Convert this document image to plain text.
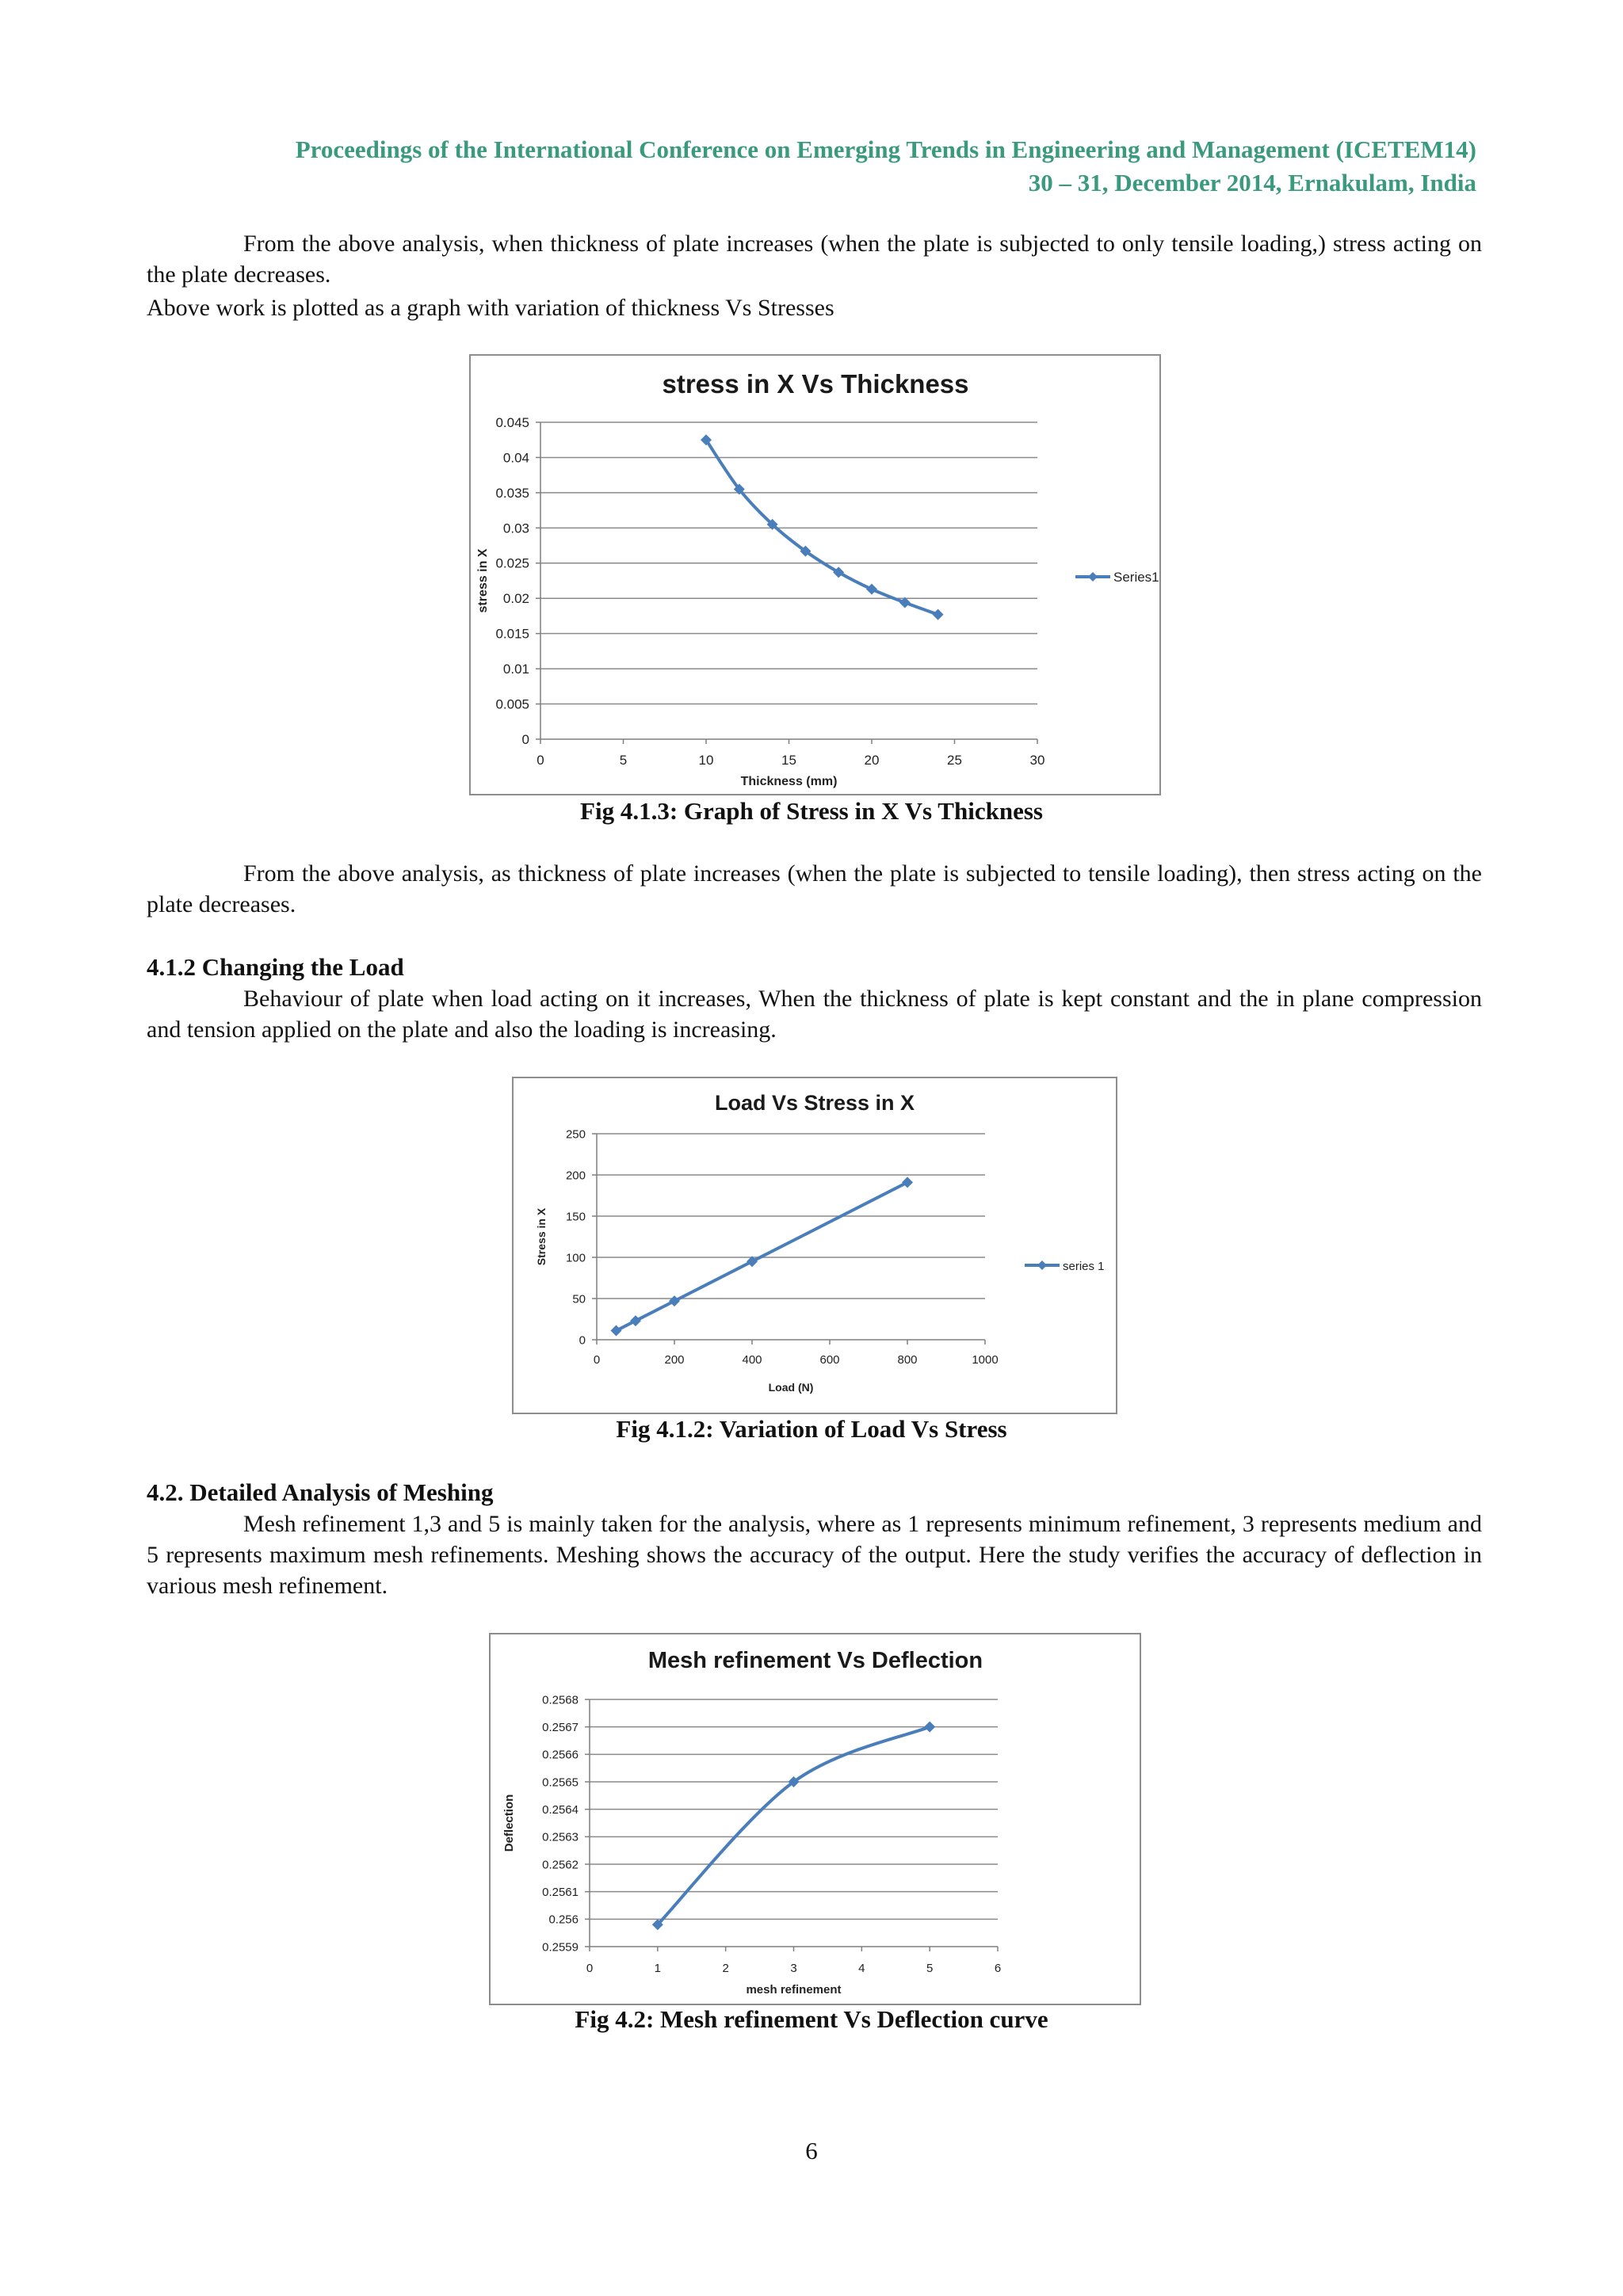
Proceedings of the International Conference on Emerging Trends in Engineering and Management (ICETEM14)
30 – 31, December 2014, Ernakulam, India
From the above analysis, when thickness of plate increases (when the plate is subjected to only tensile loading,) stress acting on the plate decreases.
Above work is plotted as a graph with variation of thickness Vs Stresses
stress in X Vs Thickness
0
0.005
0.01
0.015
0.02
0.025
0.03
0.035
0.04
0.045
0	5	10	15	20	25	30
Thickness (mm)
stress in X	Series1
Fig 4.1.3: Graph of Stress in X Vs Thickness
From the above analysis, as thickness of plate increases (when the plate is subjected to tensile loading), then stress acting on the plate decreases.
4.1.2 Changing the Load
Behaviour of plate when load acting on it increases, When the thickness of plate is kept constant and the in plane compression and tension applied on the plate and also the loading is increasing.
Load Vs Stress in X
0
50
100
150
200
250
0	200	400	600	800	1000
Load (N)
Stress in X
series 1
Fig 4.1.2: Variation of Load Vs Stress
4.2. Detailed Analysis of Meshing
Mesh refinement 1,3 and 5 is mainly taken for the analysis, where as 1 represents minimum refinement, 3 represents medium and 5 represents maximum mesh refinements. Meshing shows the accuracy of the output. Here the study verifies the accuracy of deflection in various mesh refinement.
Mesh refinement Vs Deflection
0.2559
0.256
0.2561
0.2562
0.2563
0.2564
0.2565
0.2566
0.2567
0.2568
0	1	2	3	4	5	6
mesh refinement
Deflection
Fig 4.2: Mesh refinement Vs Deflection curve
6
